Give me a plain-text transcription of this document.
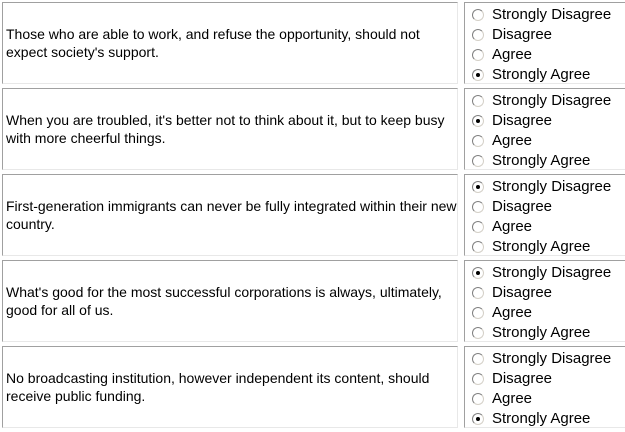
Those who are able to work, and refuse the opportunity, should not expect society's support.
Strongly Disagree
Disagree
Agree
Strongly Agree
When you are troubled, it's better not to think about it, but to keep busy with more cheerful things.
Strongly Disagree
Disagree
Agree
Strongly Agree
First-generation immigrants can never be fully integrated within their new country.
Strongly Disagree
Disagree
Agree
Strongly Agree
What's good for the most successful corporations is always, ultimately, good for all of us.
Strongly Disagree
Disagree
Agree
Strongly Agree
No broadcasting institution, however independent its content, should receive public funding.
Strongly Disagree
Disagree
Agree
Strongly Agree
